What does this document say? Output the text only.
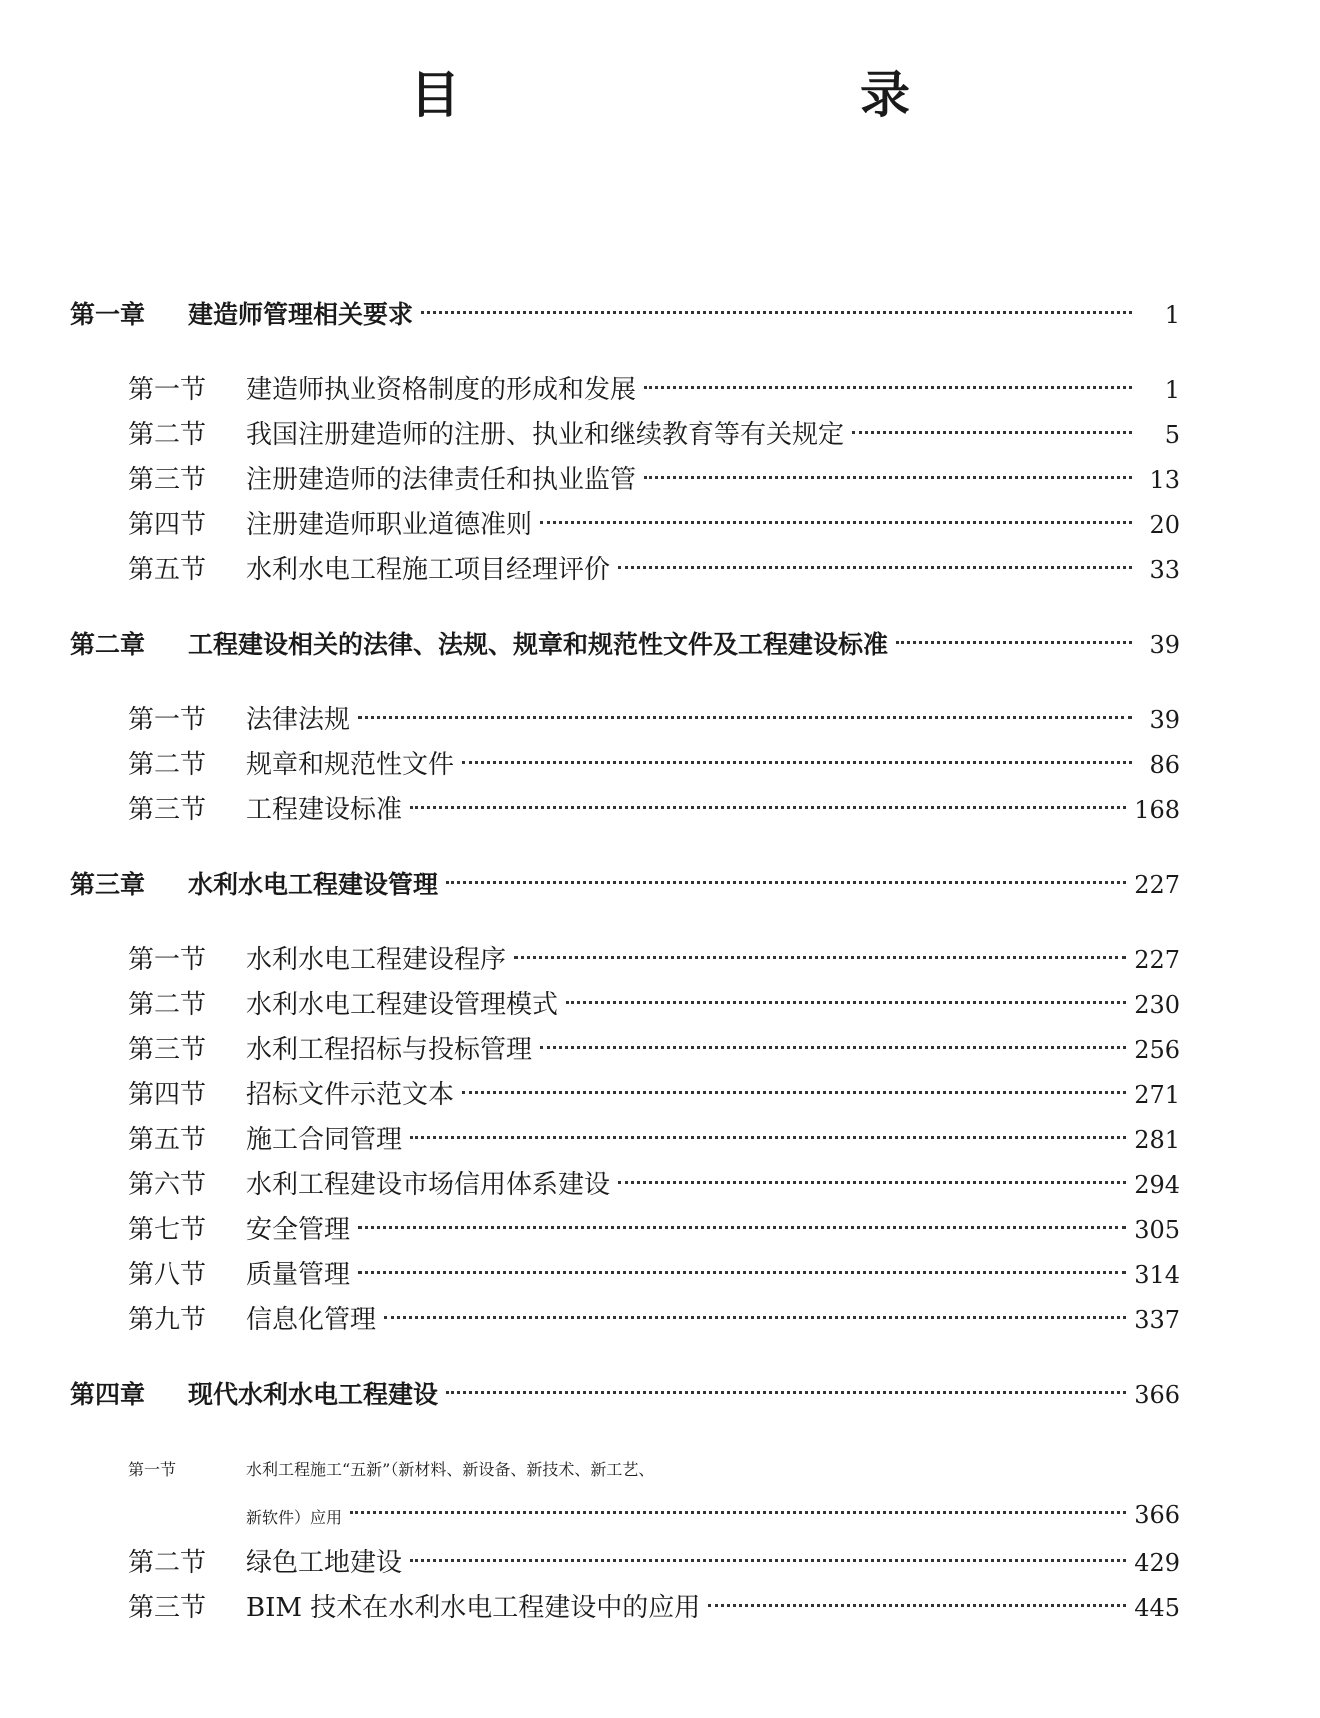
目　　录
第一章	建造师管理相关要求	1
第一节	建造师执业资格制度的形成和发展	1
第二节	我国注册建造师的注册、执业和继续教育等有关规定	5
第三节	注册建造师的法律责任和执业监管	13
第四节	注册建造师职业道德准则	20
第五节	水利水电工程施工项目经理评价	33
第二章	工程建设相关的法律、法规、规章和规范性文件及工程建设标准	39
第一节	法律法规	39
第二节	规章和规范性文件	86
第三节	工程建设标准	168
第三章	水利水电工程建设管理	227
第一节	水利水电工程建设程序	227
第二节	水利水电工程建设管理模式	230
第三节	水利工程招标与投标管理	256
第四节	招标文件示范文本	271
第五节	施工合同管理	281
第六节	水利工程建设市场信用体系建设	294
第七节	安全管理	305
第八节	质量管理	314
第九节	信息化管理	337
第四章	现代水利水电工程建设	366
第一节	水利工程施工“五新”（新材料、新设备、新技术、新工艺、
新软件）应用	366
第二节	绿色工地建设	429
第三节	BIM 技术在水利水电工程建设中的应用	445
